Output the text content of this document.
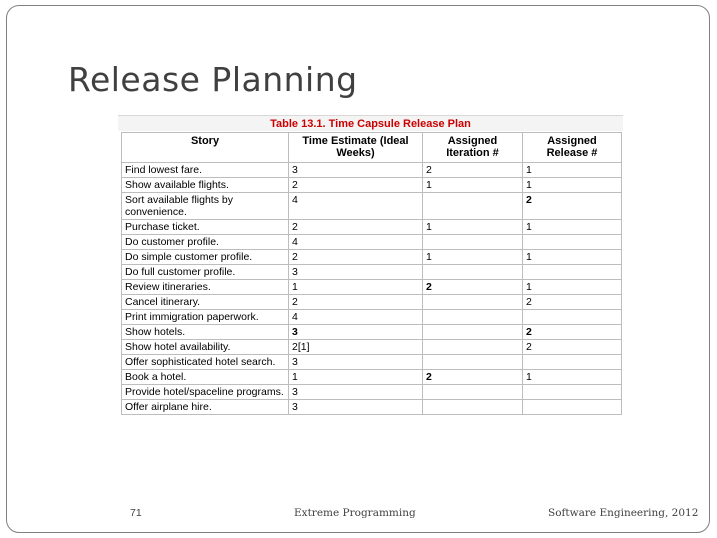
Release Planning
Table 13.1. Time Capsule Release Plan
Story	Time Estimate (Ideal Weeks)	Assigned Iteration #	Assigned Release #
Find lowest fare.	3	2	1
Show available flights.	2	1	1
Sort available flights by convenience.	4		2
Purchase ticket.	2	1	1
Do customer profile.	4		
Do simple customer profile.	2	1	1
Do full customer profile.	3		
Review itineraries.	1	2	1
Cancel itinerary.	2		2
Print immigration paperwork.	4		
Show hotels.	3		2
Show hotel availability.	2[1]		2
Offer sophisticated hotel search.	3		
Book a hotel.	1	2	1
Provide hotel/spaceline programs.	3		
Offer airplane hire.	3		
71	Extreme Programming	Software Engineering, 2012
